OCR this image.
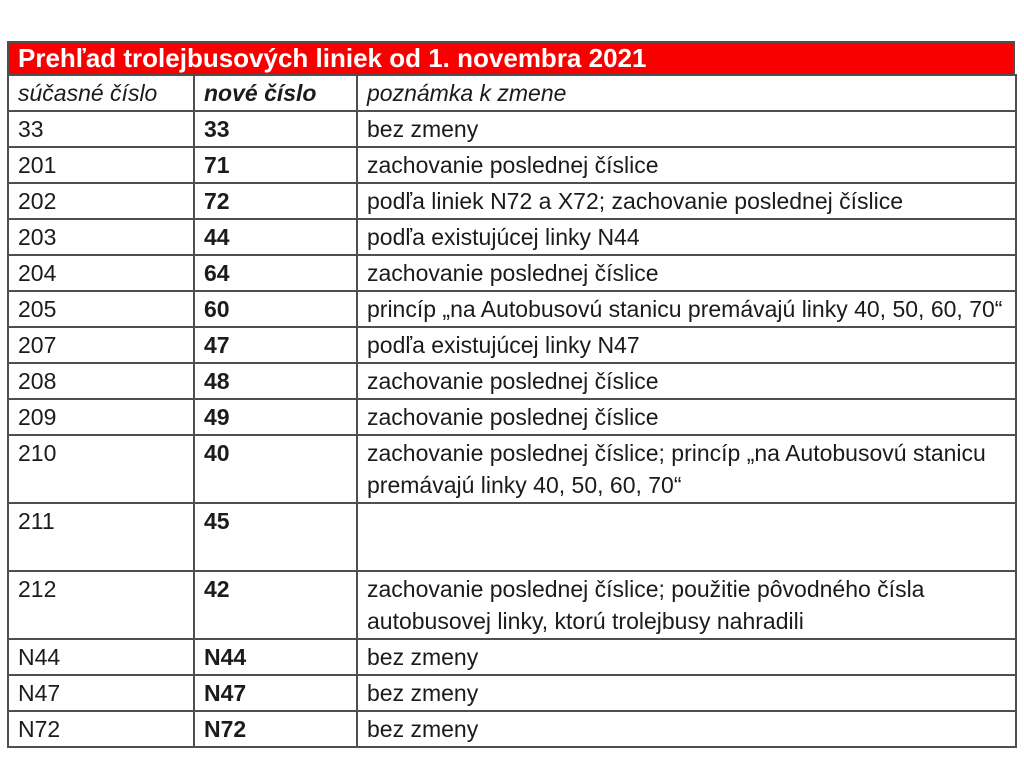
Prehľad trolejbusových liniek od 1. novembra 2021
súčasné číslo	nové číslo	poznámka k zmene
33	33	bez zmeny
201	71	zachovanie poslednej číslice
202	72	podľa liniek N72 a X72; zachovanie poslednej číslice
203	44	podľa existujúcej linky N44
204	64	zachovanie poslednej číslice
205	60	princíp „na Autobusovú stanicu premávajú linky 40, 50, 60, 70“
207	47	podľa existujúcej linky N47
208	48	zachovanie poslednej číslice
209	49	zachovanie poslednej číslice
210	40	zachovanie poslednej číslice; princíp „na Autobusovú stanicu premávajú linky 40, 50, 60, 70“
211	45	
212	42	zachovanie poslednej číslice; použitie pôvodného čísla autobusovej linky, ktorú trolejbusy nahradili
N44	N44	bez zmeny
N47	N47	bez zmeny
N72	N72	bez zmeny
